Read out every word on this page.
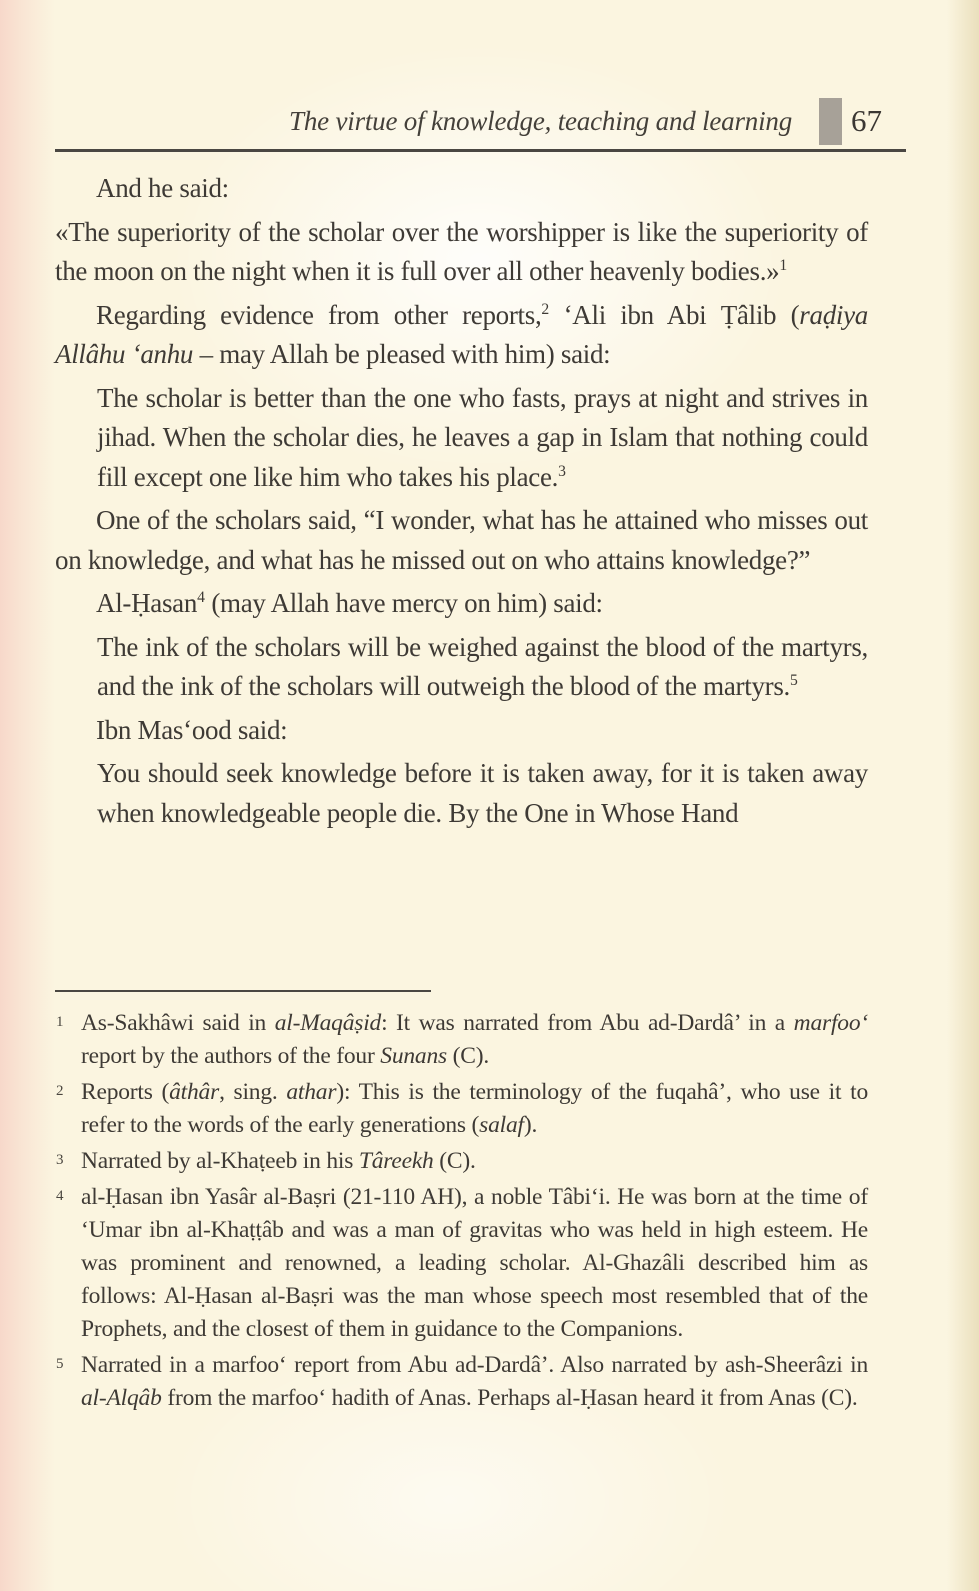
The virtue of knowledge, teaching and learning 67

And he said:

«The superiority of the scholar over the worshipper is like the superiority of the moon on the night when it is full over all other heavenly bodies.»$^1$

Regarding evidence from other reports,$^2$ ‘Ali ibn Abi Ṭâlib (raḍiya Allâhu ‘anhu – may Allah be pleased with him) said:

The scholar is better than the one who fasts, prays at night and strives in jihad. When the scholar dies, he leaves a gap in Islam that nothing could fill except one like him who takes his place.$^3$

One of the scholars said, “I wonder, what has he attained who misses out on knowledge, and what has he missed out on who attains knowledge?”

Al-Ḥasan$^4$ (may Allah have mercy on him) said:

The ink of the scholars will be weighed against the blood of the martyrs, and the ink of the scholars will outweigh the blood of the martyrs.$^5$

Ibn Mas‘ood said:

You should seek knowledge before it is taken away, for it is taken away when knowledgeable people die. By the One in Whose Hand

1 As-Sakhâwi said in al-Maqâṣid: It was narrated from Abu ad-Dardâ’ in a marfoo‘ report by the authors of the four Sunans (C).
2 Reports (âthâr, sing. athar): This is the terminology of the fuqahâ’, who use it to refer to the words of the early generations (salaf).
3 Narrated by al-Khaṭeeb in his Târeekh (C).
4 al-Ḥasan ibn Yasâr al-Baṣri (21-110 AH), a noble Tâbi‘i. He was born at the time of ‘Umar ibn al-Khaṭṭâb and was a man of gravitas who was held in high esteem. He was prominent and renowned, a leading scholar. Al-Ghazâli described him as follows: Al-Ḥasan al-Baṣri was the man whose speech most resembled that of the Prophets, and the closest of them in guidance to the Companions.
5 Narrated in a marfoo‘ report from Abu ad-Dardâ’. Also narrated by ash-Sheerâzi in al-Alqâb from the marfoo‘ hadith of Anas. Perhaps al-Ḥasan heard it from Anas (C).
